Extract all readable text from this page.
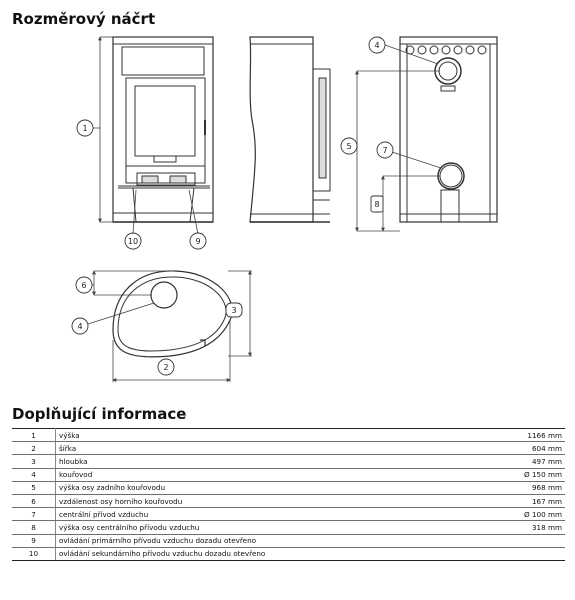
Rozměrový náčrt
1
10	9
4
5	7
8
6
4
3
2
Doplňující informace
1	výška	1166 mm
2	šířka	604 mm
3	hloubka	497 mm
4	kouřovod	Ø 150 mm
5	výška osy zadního kouřovodu	968 mm
6	vzdálenost osy horního kouřovodu	167 mm
7	centrální přívod vzduchu	Ø 100 mm
8	výška osy centrálního přívodu vzduchu	318 mm
9	ovládání primárního přívodu vzduchu dozadu otevřeno	
10	ovládání sekundárního přívodu vzduchu dozadu otevřeno	
